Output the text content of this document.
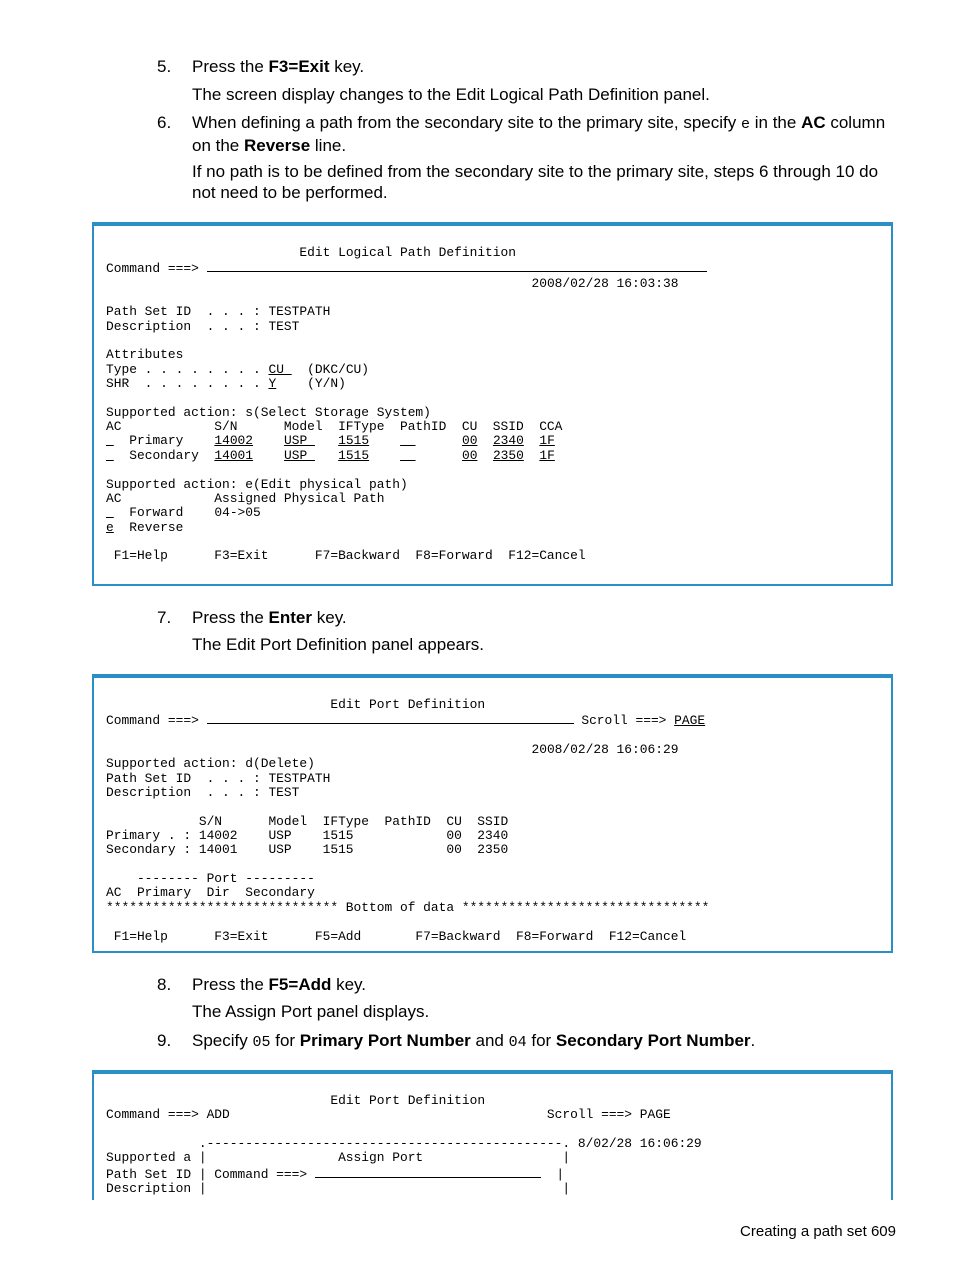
5. Press the F3=Exit key.
The screen display changes to the Edit Logical Path Definition panel.
6. When defining a path from the secondary site to the primary site, specify e in the AC column on the Reverse line.
If no path is to be defined from the secondary site to the primary site, steps 6 through 10 do not need to be performed.
Edit Logical Path Definition
Command ===>
2008/02/28 16:03:38

Path Set ID  . . . : TESTPATH
Description  . . . : TEST

Attributes
Type . . . . . . . . CU   (DKC/CU)
SHR  . . . . . . . . Y    (Y/N)

Supported action: s(Select Storage System)
AC            S/N      Model  IFType  PathID  CU  SSID  CCA
Primary 14002 USP    1515	00 2340 1F
Secondary 14001 USP    1515	00 2350 1F

Supported action: e(Edit physical path)
AC            Assigned Physical Path
Forward 04->05
e Reverse

F1=Help      F3=Exit      F7=Backward  F8=Forward  F12=Cancel
7. Press the Enter key.
The Edit Port Definition panel appears.
Edit Port Definition
Command ===>	Scroll ===> PAGE

2008/02/28 16:06:29
Supported action: d(Delete)
Path Set ID  . . . : TESTPATH
Description  . . . : TEST

S/N      Model  IFType  PathID  CU  SSID
Primary . : 14002    USP    1515            00  2340
Secondary : 14001    USP    1515            00  2350

-------- Port ---------
AC  Primary  Dir  Secondary
****************************** Bottom of data ********************************

F1=Help      F3=Exit      F5=Add       F7=Backward  F8=Forward  F12=Cancel
8. Press the F5=Add key.
The Assign Port panel displays.
9. Specify 05 for Primary Port Number and 04 for Secondary Port Number.
Edit Port Definition
Command ===> ADD                                         Scroll ===> PAGE

.----------------------------------------------. 8/02/28 16:06:29
Supported a |                 Assign Port                  |
Path Set ID | Command ===>	|
Description |                                              |
Creating a path set 609
